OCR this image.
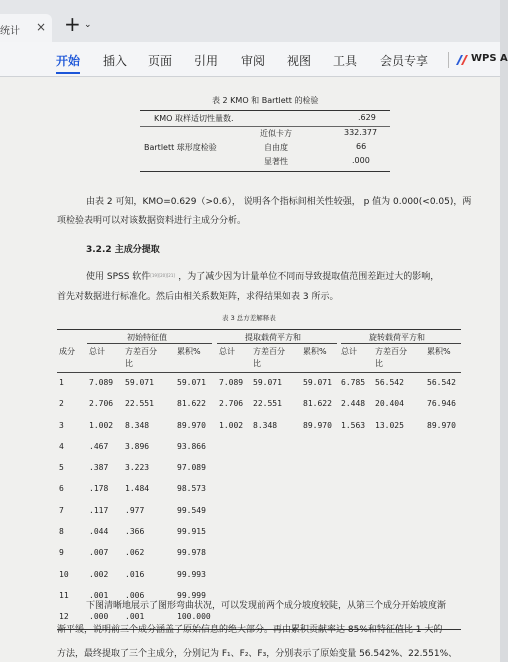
统计 × + ⌄
开始 插入 页面 引用 审阅 视图 工具 会员专享	WPS A
表 2 KMO 和 Bartlett 的检验
KMO 取样适切性量数.	.629
Bartlett 球形度检验
近似卡方	332.377
自由度	66
显著性	.000
由表 2 可知，KMO=0.629（>0.6）， 说明各个指标间相关性较强， p 值为 0.000(<0.05)，两
项检验表明可以对该数据资料进行主成分分析。
3.2.2 主成分提取
使用 SPSS 软件 [19][20][21] ，为了减少因为计量单位不同而导致提取值范围差距过大的影响，
首先对数据进行标准化。然后由相关系数矩阵，求得结果如表 3 所示。
表 3 总方差解释表
初始特征值	提取载荷平方和	旋转载荷平方和
成分 总计	方差百分
比
累积% 总计 方差百分
比
累积% 总计 方差百分
比
累积%
1	7.089 59.071	59.071 7.089 59.071	59.071 6.785 56.542	56.542
2	2.706 22.551	81.622 2.706 22.551	81.622 2.448 20.404	76.946
3	1.002 8.348	89.970 1.002 8.348	89.970 1.563 13.025	89.970
4	.467 3.896	93.866
5	.387 3.223	97.089
6	.178 1.484	98.573
7	.117 .977	99.549
8	.044 .366	99.915
9	.007 .062	99.978
10	.002 .016	99.993
11	.001 .006	99.999
12	.000 .001	100.000
下图清晰地展示了图形弯曲状况，可以发现前两个成分坡度较陡，从第三个成分开始坡度渐
渐平缓，说明前三个成分涵盖了原始信息的绝大部分。再由累积贡献率达 85%和特征值比 1 大的
方法，最终提取了三个主成分，分别记为 F₁、F₂、F₃，分别表示了原始变量 56.542%、22.551%、
